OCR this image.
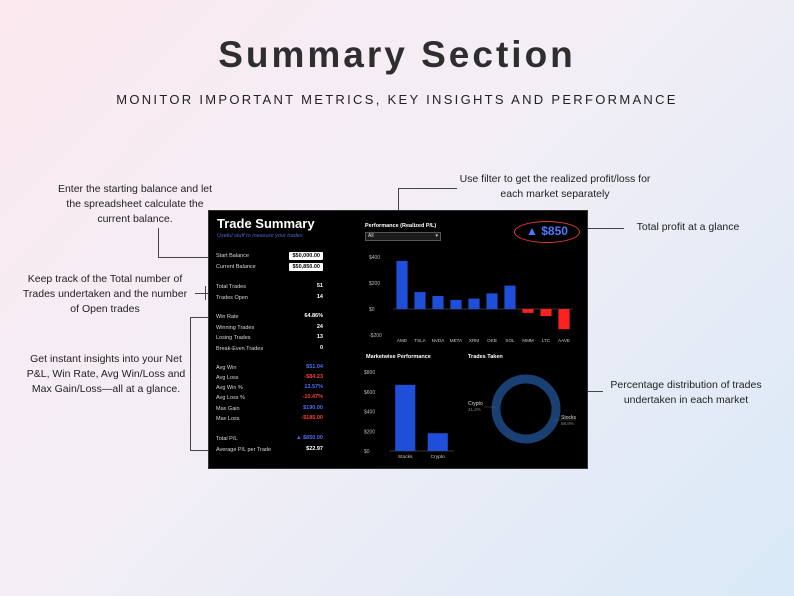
Summary Section
MONITOR IMPORTANT METRICS, KEY INSIGHTS AND PERFORMANCE
Enter the starting balance and let the spreadsheet calculate the current balance.
Keep track of the Total number of Trades undertaken and the number of Open trades
Get instant insights into your Net P&L, Win Rate, Avg Win/Loss and Max Gain/Loss—all at a glance.
Use filter to get the realized profit/loss for each market separately
Total profit at a glance
Percentage distribution of trades undertaken in each market
Trade Summary
Useful stuff to measure your trades
Start Balance	$50,000.00
Current Balance	$50,850.00
Total Trades	51
Trades Open	14
Win Rate	64.86%
Winning Trades	24
Losing Trades	13
Break-Even Trades	0
Avg Win	$51.04
Avg Loss	-$84.23
Avg Win %	13.57%
Avg Loss %	-10.47%
Max Gain	$190.00
Max Loss	-$185.00
Total P/L	▲ $850.00
Average P/L per Trade	$22.97
Performance (Realized P/L)
All	▾	▲ $850
$400
$200
$0
-$200
AMD TSLA NVDA META XRM OKB SOL MMM LTC AAVE
Marketwise Performance	Trades Taken
$800
$600
$400
$200
$0
Stocks	Crypto
Crypto
41.2%
Stocks
58.8%
